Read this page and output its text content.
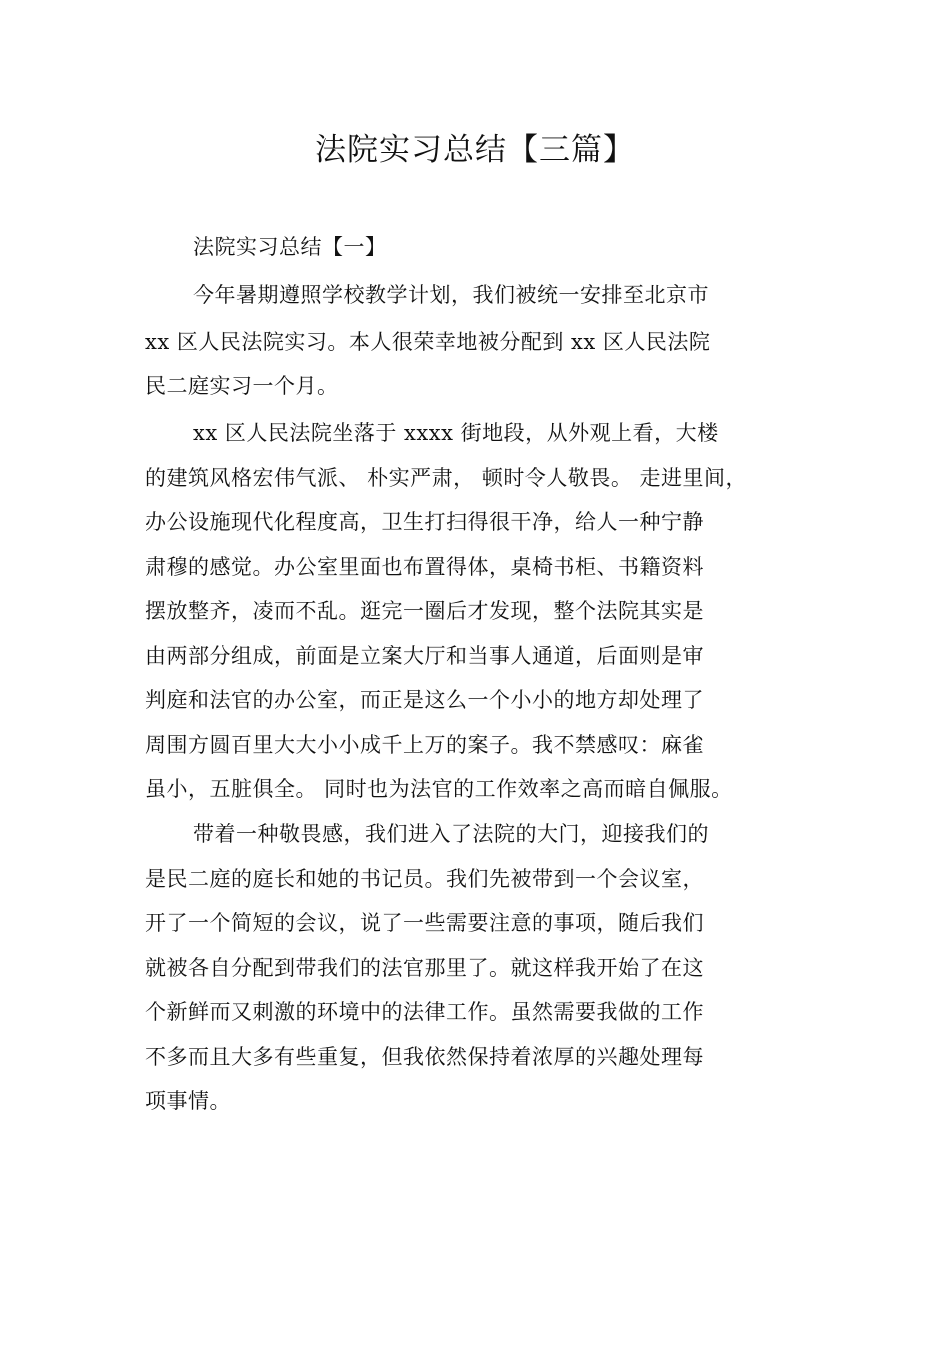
法院实习总结【三篇】

法院实习总结【一】

今年暑期遵照学校教学计划，我们被统一安排至北京市

xx 区人民法院实习。本人很荣幸地被分配到 xx 区人民法院

民二庭实习一个月。

xx 区人民法院坐落于 xxxx 街地段，从外观上看，大楼

的建筑风格宏伟气派、 朴实严肃， 顿时令人敬畏。 走进里间，

办公设施现代化程度高，卫生打扫得很干净，给人一种宁静

肃穆的感觉。办公室里面也布置得体，桌椅书柜、书籍资料

摆放整齐，凌而不乱。逛完一圈后才发现，整个法院其实是

由两部分组成，前面是立案大厅和当事人通道，后面则是审

判庭和法官的办公室，而正是这么一个小小的地方却处理了

周围方圆百里大大小小成千上万的案子。我不禁感叹：麻雀

虽小，五脏俱全。 同时也为法官的工作效率之高而暗自佩服。

带着一种敬畏感，我们进入了法院的大门，迎接我们的

是民二庭的庭长和她的书记员。我们先被带到一个会议室，

开了一个简短的会议，说了一些需要注意的事项，随后我们

就被各自分配到带我们的法官那里了。就这样我开始了在这

个新鲜而又刺激的环境中的法律工作。虽然需要我做的工作

不多而且大多有些重复，但我依然保持着浓厚的兴趣处理每

项事情。
